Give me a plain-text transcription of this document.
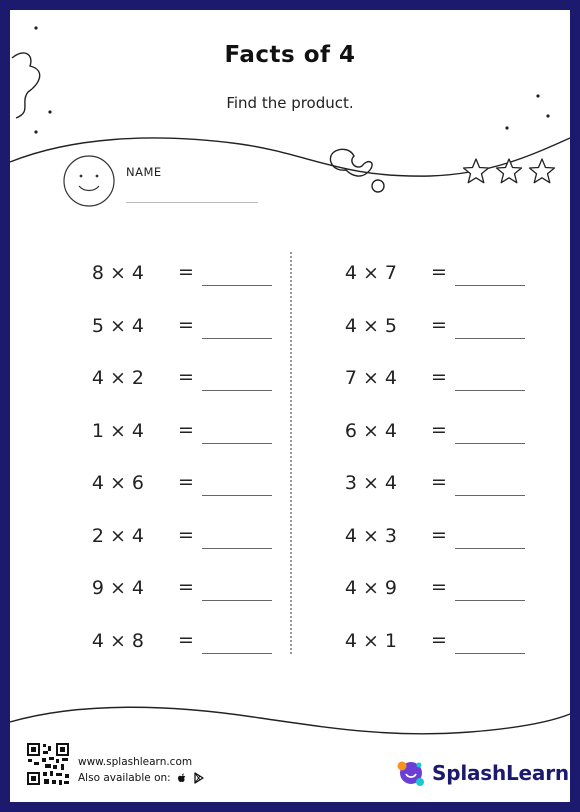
Facts of 4
Find the product.
NAME
8 × 4 =
5 × 4 =
4 × 2 =
1 × 4 =
4 × 6 =
2 × 4 =
9 × 4 =
4 × 8 =
4 × 7 =
4 × 5 =
7 × 4 =
6 × 4 =
3 × 4 =
4 × 3 =
4 × 9 =
4 × 1 =
www.splashlearn.com
Also available on:	SplashLearn
